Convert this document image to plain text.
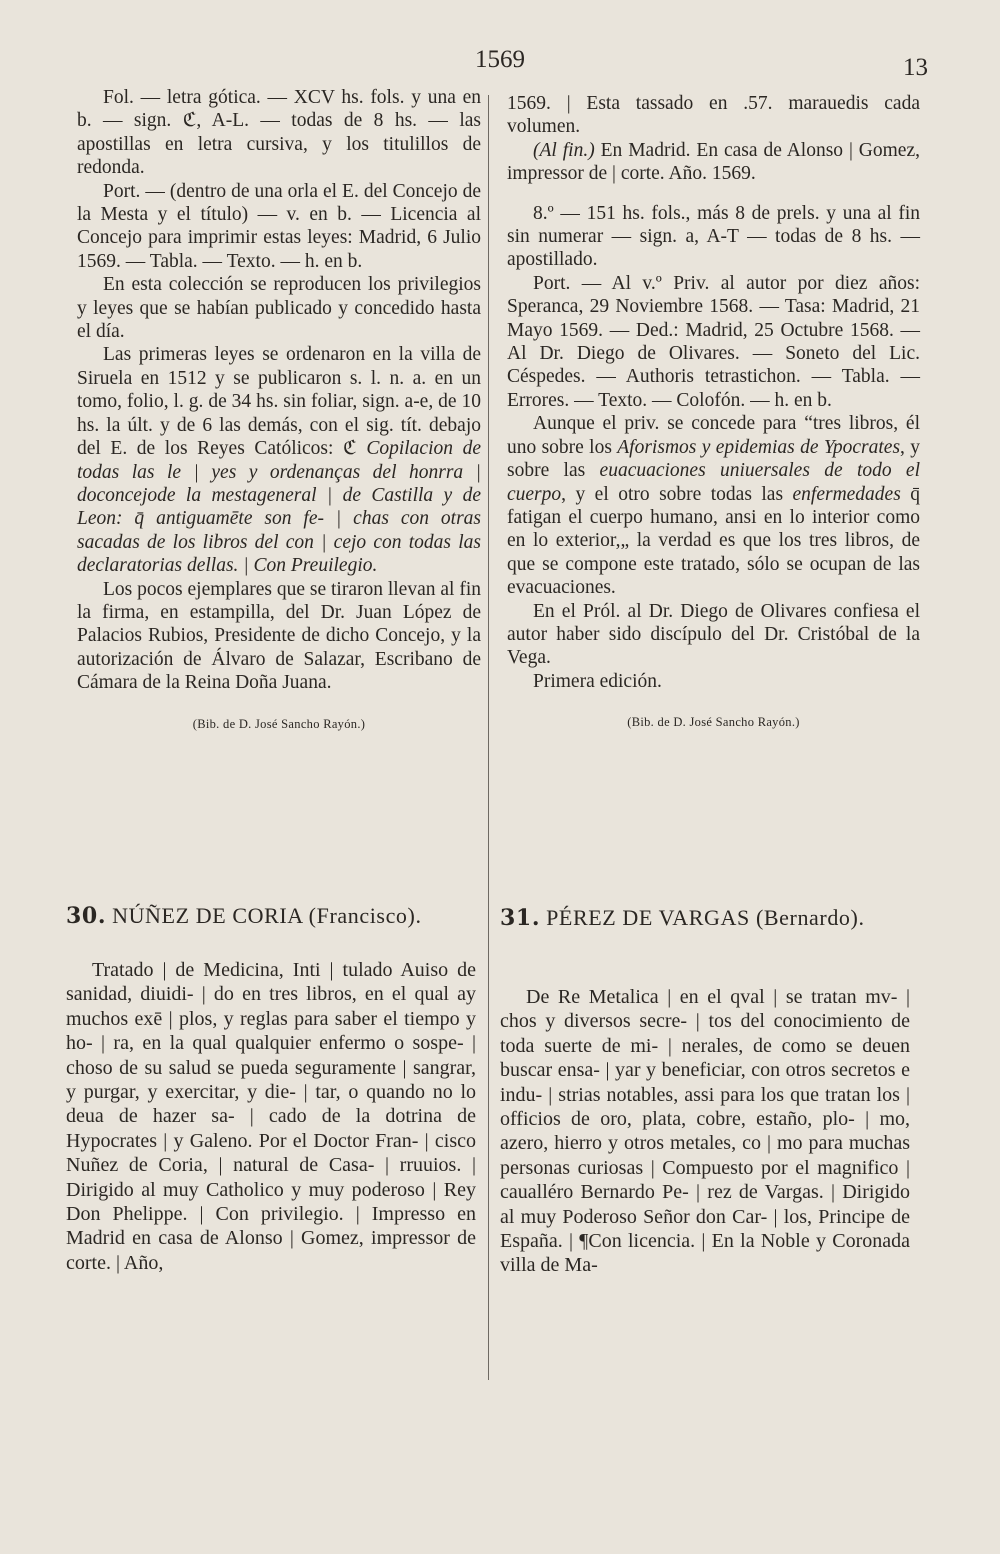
1569	13

Fol. — letra gótica. — XCV hs. fols. y una en b. — sign. ℭ, A-L. — todas de 8 hs. — las apostillas en letra cursiva, y los titulillos de redonda.

Port. — (dentro de una orla el E. del Concejo de la Mesta y el título) — v. en b. — Licencia al Concejo para imprimir estas leyes: Madrid, 6 Julio 1569. — Tabla. — Texto. — h. en b.

En esta colección se reproducen los privilegios y leyes que se habían publicado y concedido hasta el día.

Las primeras leyes se ordenaron en la villa de Siruela en 1512 y se publicaron s. l. n. a. en un tomo, folio, l. g. de 34 hs. sin foliar, sign. a-e, de 10 hs. la últ. y de 6 las demás, con el sig. tít. debajo del E. de los Reyes Católicos: ℭ Copilacion de todas las le | yes y ordenanças del honrra | doconcejode la mestageneral | de Castilla y de Leon: q̄ antiguamēte son fe- | chas con otras sacadas de los libros del con | cejo con todas las declaratorias dellas. | Con Preuilegio.

Los pocos ejemplares que se tiraron llevan al fin la firma, en estampilla, del Dr. Juan López de Palacios Rubios, Presidente de dicho Concejo, y la autorización de Álvaro de Salazar, Escribano de Cámara de la Reina Doña Juana.

(Bib. de D. José Sancho Rayón.)

1569. | Esta tassado en .57. marauedis cada volumen.

(Al fin.) En Madrid. En casa de Alonso | Gomez, impressor de | corte. Año. 1569.

8.º — 151 hs. fols., más 8 de prels. y una al fin sin numerar — sign. a, A-T — todas de 8 hs. — apostillado.

Port. — Al v.º Priv. al autor por diez años: Speranca, 29 Noviembre 1568. — Tasa: Madrid, 21 Mayo 1569. — Ded.: Madrid, 25 Octubre 1568. — Al Dr. Diego de Olivares. — Soneto del Lic. Céspedes. — Authoris tetrastichon. — Tabla. — Errores. — Texto. — Colofón. — h. en b.

Aunque el priv. se concede para “tres libros, él uno sobre los Aforismos y epidemias de Ypocrates, y sobre las euacuaciones uniuersales de todo el cuerpo, y el otro sobre todas las enfermedades q̄ fatigan el cuerpo humano, ansi en lo interior como en lo exterior,„ la verdad es que los tres libros, de que se compone este tratado, sólo se ocupan de las evacuaciones.

En el Pról. al Dr. Diego de Olivares confiesa el autor haber sido discípulo del Dr. Cristóbal de la Vega.

Primera edición.

(Bib. de D. José Sancho Rayón.)

30. NÚÑEZ DE CORIA (Francisco).

Tratado | de Medicina, Inti | tulado Auiso de sanidad, diuidi- | do en tres libros, en el qual ay muchos exē | plos, y reglas para saber el tiempo y ho- | ra, en la qual qualquier enfermo o sospe- | choso de su salud se pueda seguramente | sangrar, y purgar, y exercitar, y die- | tar, o quando no lo deua de hazer sa- | cado de la dotrina de Hypocrates | y Galeno. Por el Doctor Fran- | cisco Nuñez de Coria, | natural de Casa- | rruuios. | Dirigido al muy Catholico y muy poderoso | Rey Don Phelippe. | Con privilegio. | Impresso en Madrid en casa de Alonso | Gomez, impressor de corte. | Año,

31. PÉREZ DE VARGAS (Bernardo).

De Re Metalica | en el qval | se tratan mv- | chos y diversos secre- | tos del conocimiento de toda suerte de mi- | nerales, de como se deuen buscar ensa- | yar y beneficiar, con otros secretos e indu- | strias notables, assi para los que tratan los | officios de oro, plata, cobre, estaño, plo- | mo, azero, hierro y otros metales, co | mo para muchas personas curiosas | Compuesto por el magnifico | caualléro Bernardo Pe- | rez de Vargas. | Dirigido al muy Poderoso Señor don Car- | los, Principe de España. | ¶Con licencia. | En la Noble y Coronada villa de Ma-
